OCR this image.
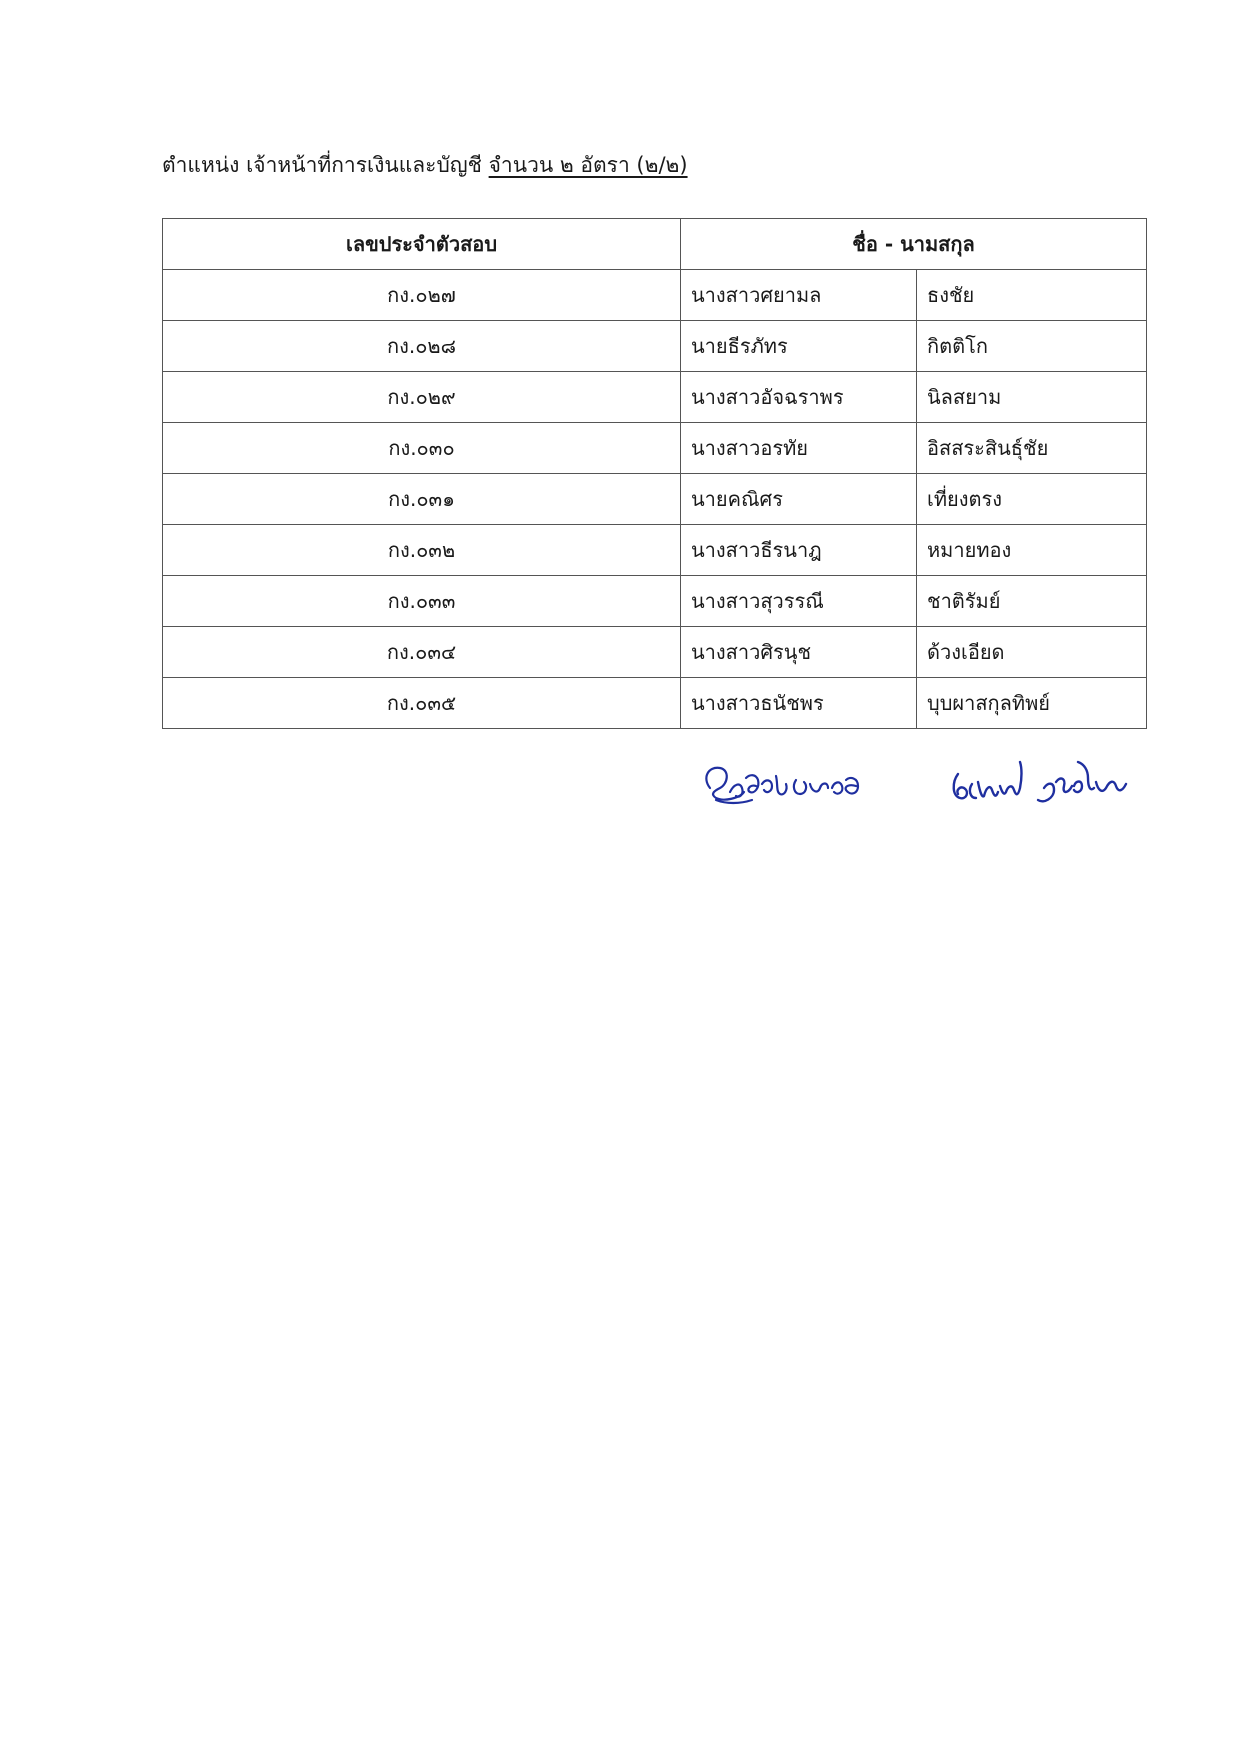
ตำแหน่ง เจ้าหน้าที่การเงินและบัญชี จำนวน ๒ อัตรา (๒/๒)
เลขประจำตัวสอบ	ชื่อ - นามสกุล	
กง.๐๒๗	นางสาวศยามล	ธงชัย
กง.๐๒๘	นายธีรภัทร	กิตติโก
กง.๐๒๙	นางสาวอัจฉราพร	นิลสยาม
กง.๐๓๐	นางสาวอรทัย	อิสสระสินธุ์ชัย
กง.๐๓๑	นายคณิศร	เที่ยงตรง
กง.๐๓๒	นางสาวธีรนาฎ	หมายทอง
กง.๐๓๓	นางสาวสุวรรณี	ชาติรัมย์
กง.๐๓๔	นางสาวศิรนุช	ด้วงเอียด
กง.๐๓๕	นางสาวธนัชพร	บุบผาสกุลทิพย์
